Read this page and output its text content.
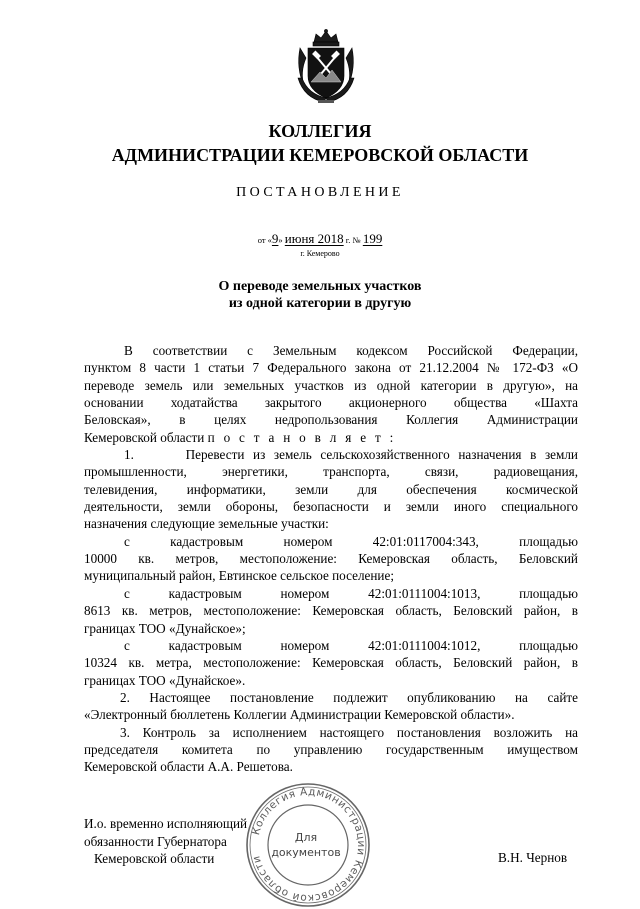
КОЛЛЕГИЯ
АДМИНИСТРАЦИИ КЕМЕРОВСКОЙ ОБЛАСТИ
ПОСТАНОВЛЕНИЕ
от «9» июня 2018 г. № 199
г. Кемерово
О переводе земельных участков
из одной категории в другую
В соответствии с Земельным кодексом Российской Федерации,
пунктом 8 части 1 статьи 7 Федерального закона от 21.12.2004 № 172-ФЗ «О
переводе земель или земельных участков из одной категории в другую», на
основании ходатайства закрытого акционерного общества «Шахта
Беловская», в целях недропользования Коллегия Администрации
Кемеровской области п о с т а н о в л я е т :
1.      Перевести из земель сельскохозяйственного назначения в земли
промышленности, энергетики, транспорта, связи, радиовещания,
телевидения, информатики, земли для обеспечения космической
деятельности, земли обороны, безопасности и земли иного специального
назначения следующие земельные участки:
с кадастровым номером 42:01:0117004:343, площадью
10000 кв. метров, местоположение: Кемеровская область, Беловский
муниципальный район, Евтинское сельское поселение;
с кадастровым номером 42:01:0111004:1013, площадью
8613 кв. метров, местоположение: Кемеровская область, Беловский район, в
границах ТОО «Дунайское»;
с кадастровым номером 42:01:0111004:1012, площадью
10324 кв. метра, местоположение: Кемеровская область, Беловский район, в
границах ТОО «Дунайское».
2. Настоящее постановление подлежит опубликованию на сайте
«Электронный бюллетень Коллегии Администрации Кемеровской области».
3. Контроль за исполнением настоящего постановления возложить на
председателя комитета по управлению государственным имуществом
Кемеровской области А.А. Решетова.
Коллегия Администрации Кемеровской области
Для
документов
И.о. временно исполняющий
обязанности Губернатора
Кемеровской области	В.Н. Чернов
